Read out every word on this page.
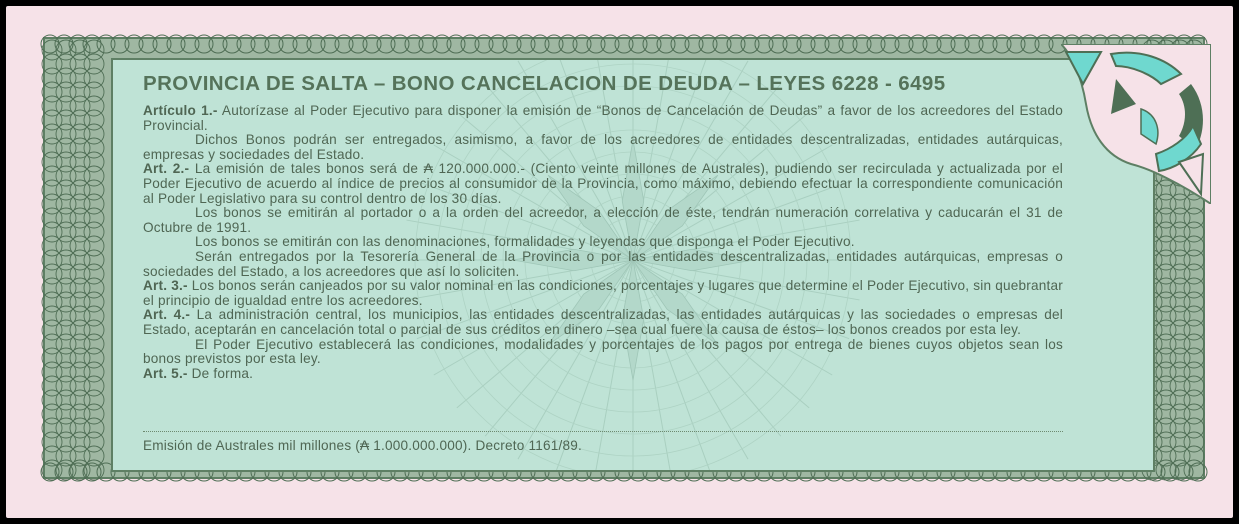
PROVINCIA DE SALTA – BONO CANCELACION DE DEUDA – LEYES 6228 - 6495

Artículo 1.- Autorízase al Poder Ejecutivo para disponer la emisión de “Bonos de Cancelación de Deudas” a favor de los acreedores del Estado Provincial.

Dichos Bonos podrán ser entregados, asimismo, a favor de los acreedores de entidades descentralizadas, entidades autárquicas, empresas y sociedades del Estado.

Art. 2.- La emisión de tales bonos será de ₳ 120.000.000.- (Ciento veinte millones de Australes), pudiendo ser recirculada y actualizada por el Poder Ejecutivo de acuerdo al índice de precios al consumidor de la Provincia, como máximo, debiendo efectuar la correspondiente comunicación al Poder Legislativo para su control dentro de los 30 días.

Los bonos se emitirán al portador o a la orden del acreedor, a elección de éste, tendrán numeración correlativa y caducarán el 31 de Octubre de 1991.

Los bonos se emitirán con las denominaciones, formalidades y leyendas que disponga el Poder Ejecutivo.

Serán entregados por la Tesorería General de la Provincia o por las entidades descentralizadas, entidades autárquicas, empresas o sociedades del Estado, a los acreedores que así lo soliciten.

Art. 3.- Los bonos serán canjeados por su valor nominal en las condiciones, porcentajes y lugares que determine el Poder Ejecutivo, sin quebrantar el principio de igualdad entre los acreedores.

Art. 4.- La administración central, los municipios, las entidades descentralizadas, las entidades autárquicas y las sociedades o empresas del Estado, aceptarán en cancelación total o parcial de sus créditos en dinero –sea cual fuere la causa de éstos– los bonos creados por esta ley.

El Poder Ejecutivo establecerá las condiciones, modalidades y porcentajes de los pagos por entrega de bienes cuyos objetos sean los bonos previstos por esta ley.

Art. 5.- De forma.

Emisión de Australes mil millones (₳ 1.000.000.000). Decreto 1161/89.
